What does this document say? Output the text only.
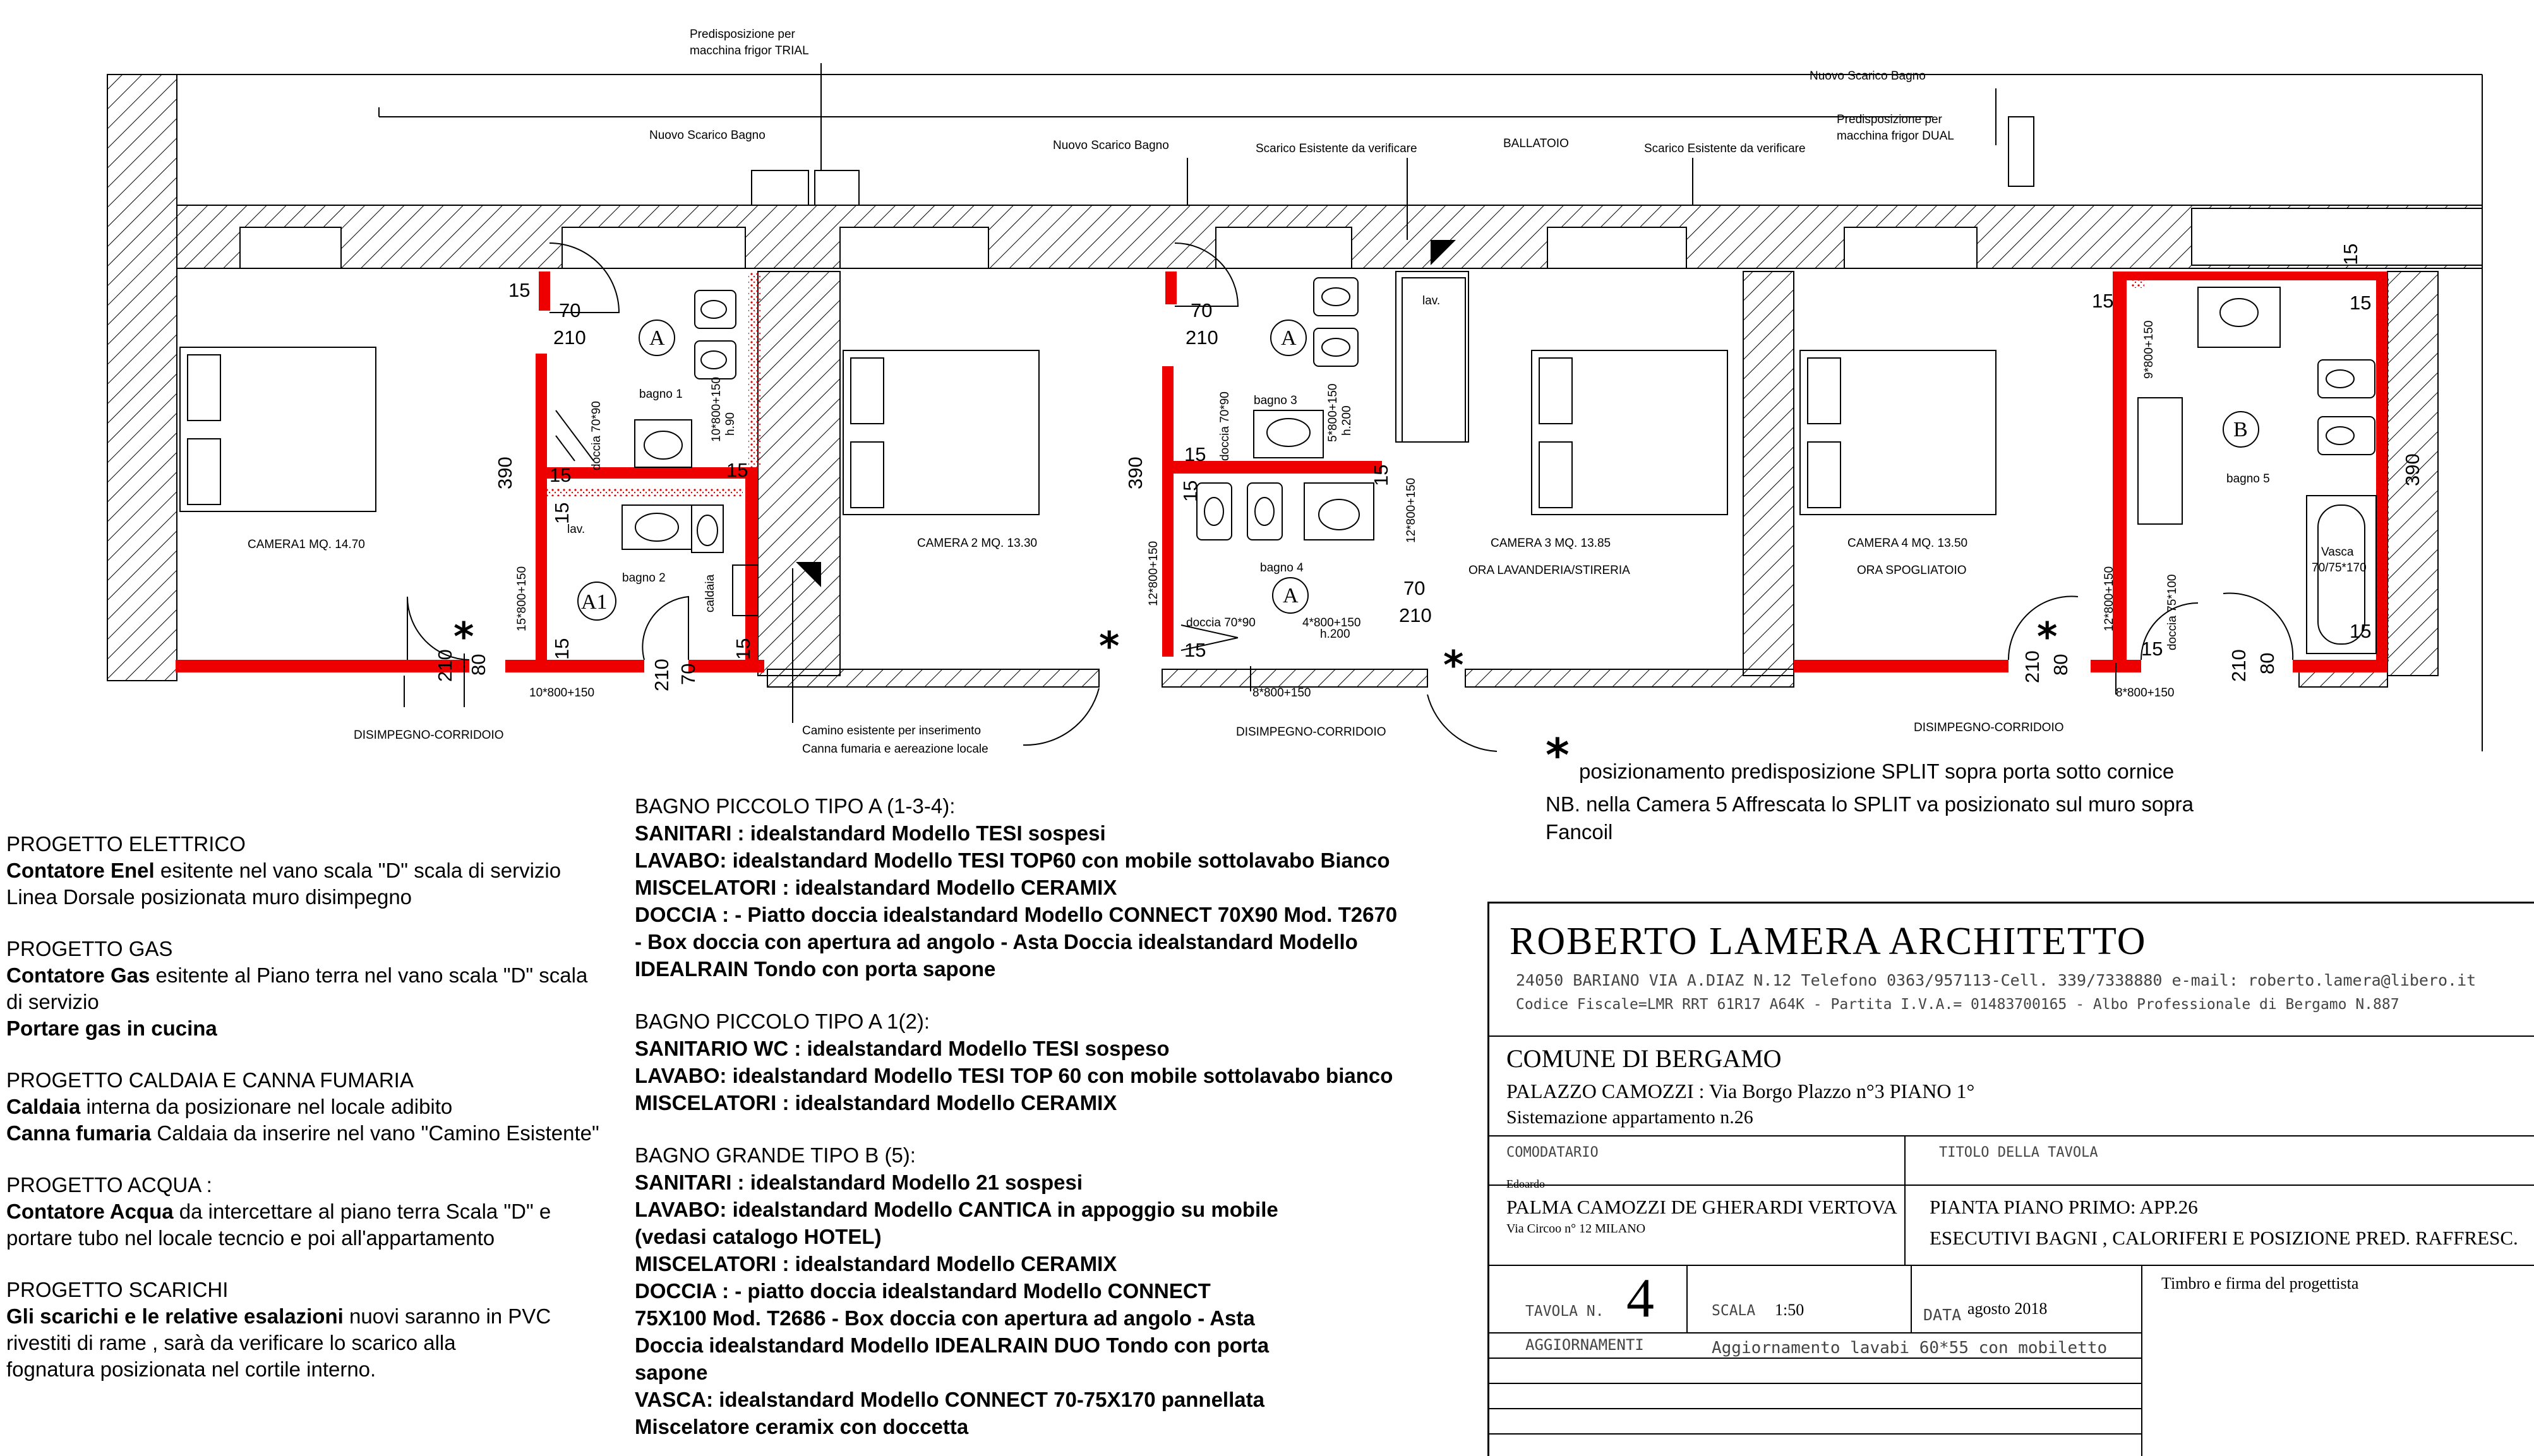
Predisposizione per
macchina frigor TRIAL
Predisposizione per
macchina frigor DUAL
Nuovo Scarico Bagno
Nuovo Scarico Bagno
Nuovo Scarico Bagno
Scarico Esistente da verificare	Scarico Esistente da verificare
BALLATOIO
CAMERA1 MQ. 14.70	CAMERA 2 MQ. 13.30	CAMERA 3 MQ. 13.85
ORA LAVANDERIA/STIRERIA
CAMERA 4 MQ. 13.50
ORA SPOGLIATOIO
bagno 1
bagno 2
bagno 3
bagno 4
bagno 5
lav.
lav.
Vasca
70/75*170
doccia 70*90
DISIMPEGNO-CORRIDOIO	DISIMPEGNO-CORRIDOIO	DISIMPEGNO-CORRIDOIO
Camino esistente per inserimento
Canna fumaria e aereazione locale
10*800+150	8*800+150	8*800+150
4*800+150
h.200
doccia 70*90	doccia 70*90
doccia 75*100
caldaia
15*800+150	12*800+150	12*800+150
10*800+150 h.90	5*800+150 h.200
9*800+150
12*800+150
A
A1
A
A
B
15
70
210
15	15
70
210
15
15
70
210
15	15
15
15
390	390	390
15
15	15
15
15
15
210 80	210 70	210 80	210 80
*	*	*
*
PROGETTO ELETTRICO
Contatore Enel esitente nel vano scala "D" scala di servizio
Linea Dorsale posizionata muro disimpegno
PROGETTO GAS
Contatore Gas esitente al Piano terra nel vano scala "D" scala
di servizio
Portare gas in cucina
PROGETTO CALDAIA E CANNA FUMARIA
Caldaia interna da posizionare nel locale adibito
Canna fumaria Caldaia da inserire nel vano "Camino Esistente"
PROGETTO ACQUA :
Contatore Acqua da intercettare al piano terra Scala "D" e
portare tubo nel locale tecncio e poi all'appartamento
PROGETTO SCARICHI
Gli scarichi e le relative esalazioni nuovi saranno in PVC
rivestiti di rame , sarà da verificare lo scarico alla
fognatura posizionata nel cortile interno.
BAGNO PICCOLO TIPO A (1-3-4):
SANITARI : idealstandard Modello TESI sospesi
LAVABO: idealstandard Modello TESI TOP60 con mobile sottolavabo Bianco
MISCELATORI : idealstandard Modello CERAMIX
DOCCIA : - Piatto doccia idealstandard Modello CONNECT 70X90 Mod. T2670
- Box doccia con apertura ad angolo - Asta Doccia idealstandard Modello
IDEALRAIN Tondo con porta sapone
BAGNO PICCOLO TIPO A 1(2):
SANITARIO WC : idealstandard Modello TESI sospeso
LAVABO: idealstandard Modello TESI TOP 60 con mobile sottolavabo bianco
MISCELATORI : idealstandard Modello CERAMIX
BAGNO GRANDE TIPO B (5):
SANITARI : idealstandard Modello 21 sospesi
LAVABO: idealstandard Modello CANTICA in appoggio su mobile
(vedasi catalogo HOTEL)
MISCELATORI : idealstandard Modello CERAMIX
DOCCIA : - piatto doccia idealstandard Modello CONNECT
75X100 Mod. T2686 - Box doccia con apertura ad angolo - Asta
Doccia idealstandard Modello IDEALRAIN DUO Tondo con porta
sapone
VASCA: idealstandard Modello CONNECT 70-75X170 pannellata
Miscelatore ceramix con doccetta
* posizionamento predisposizione SPLIT sopra porta sotto cornice
NB. nella Camera 5 Affrescata lo SPLIT va posizionato sul muro sopra
Fancoil
ROBERTO LAMERA ARCHITETTO
24050 BARIANO VIA A.DIAZ N.12 Telefono 0363/957113-Cell. 339/7338880 e-mail: roberto.lamera@libero.it
Codice Fiscale=LMR RRT 61R17 A64K - Partita I.V.A.= 01483700165 - Albo Professionale di Bergamo N.887
COMUNE DI BERGAMO
PALAZZO CAMOZZI : Via Borgo Plazzo n°3 PIANO 1°
Sistemazione appartamento n.26
COMODATARIO
Edoardo
PALMA CAMOZZI DE GHERARDI VERTOVA
Via Circoo n° 12 MILANO
TITOLO DELLA TAVOLA
PIANTA PIANO PRIMO: APP.26
ESECUTIVI BAGNI , CALORIFERI E POSIZIONE PRED. RAFFRESC.
TAVOLA N. 4	SCALA 1:50	DATA agosto 2018
Timbro e firma del progettista
AGGIORNAMENTI	Aggiornamento lavabi 60*55 con mobiletto
